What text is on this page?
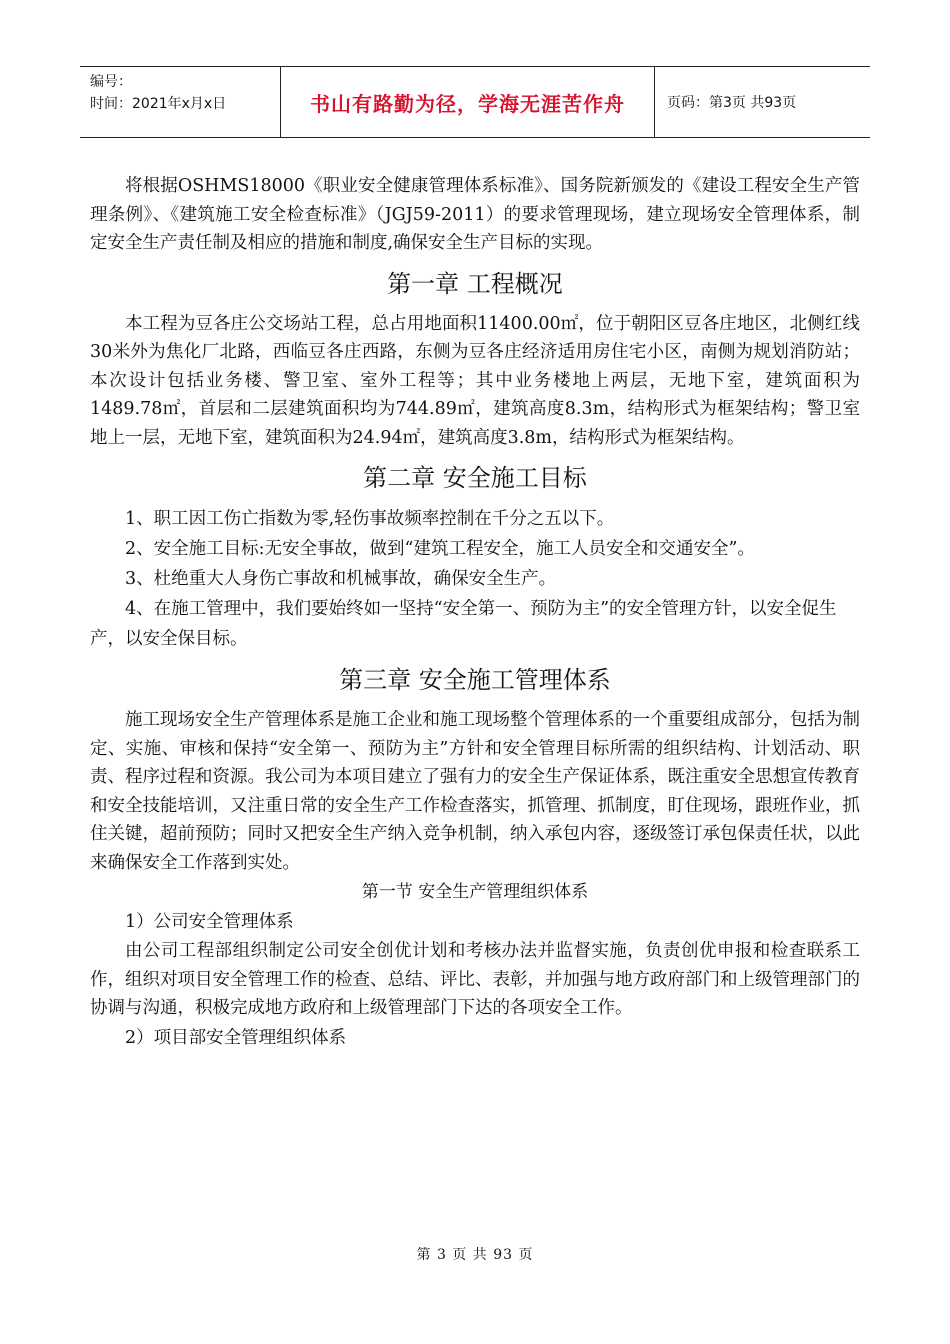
编号：
时间：2021年x月x日	书山有路勤为径，学海无涯苦作舟	页码：第3页 共93页

将根据OSHMS18000《职业安全健康管理体系标准》、国务院新颁发的《建设工程安全生产管理条例》、《建筑施工安全检查标准》（JGJ59-2011）的要求管理现场，建立现场安全管理体系，制定安全生产责任制及相应的措施和制度,确保安全生产目标的实现。

第一章 工程概况

本工程为豆各庄公交场站工程，总占用地面积11400.00㎡，位于朝阳区豆各庄地区，北侧红线30米外为焦化厂北路，西临豆各庄西路，东侧为豆各庄经济适用房住宅小区，南侧为规划消防站；本次设计包括业务楼、警卫室、室外工程等；其中业务楼地上两层，无地下室，建筑面积为1489.78㎡，首层和二层建筑面积均为744.89㎡，建筑高度8.3m，结构形式为框架结构；警卫室地上一层，无地下室，建筑面积为24.94㎡，建筑高度3.8m，结构形式为框架结构。

第二章 安全施工目标

1、职工因工伤亡指数为零,轻伤事故频率控制在千分之五以下。

2、安全施工目标:无安全事故，做到“建筑工程安全，施工人员安全和交通安全”。

3、杜绝重大人身伤亡事故和机械事故，确保安全生产。

4、在施工管理中，我们要始终如一坚持“安全第一、预防为主”的安全管理方针，以安全促生产，以安全保目标。

第三章 安全施工管理体系

施工现场安全生产管理体系是施工企业和施工现场整个管理体系的一个重要组成部分，包括为制定、实施、审核和保持“安全第一、预防为主”方针和安全管理目标所需的组织结构、计划活动、职责、程序过程和资源。我公司为本项目建立了强有力的安全生产保证体系，既注重安全思想宣传教育和安全技能培训，又注重日常的安全生产工作检查落实，抓管理、抓制度，盯住现场，跟班作业，抓住关键，超前预防；同时又把安全生产纳入竞争机制，纳入承包内容，逐级签订承包保责任状，以此来确保安全工作落到实处。

第一节 安全生产管理组织体系

1）公司安全管理体系

由公司工程部组织制定公司安全创优计划和考核办法并监督实施，负责创优申报和检查联系工作，组织对项目安全管理工作的检查、总结、评比、表彰，并加强与地方政府部门和上级管理部门的协调与沟通，积极完成地方政府和上级管理部门下达的各项安全工作。

2）项目部安全管理组织体系

第 3 页 共 93 页
